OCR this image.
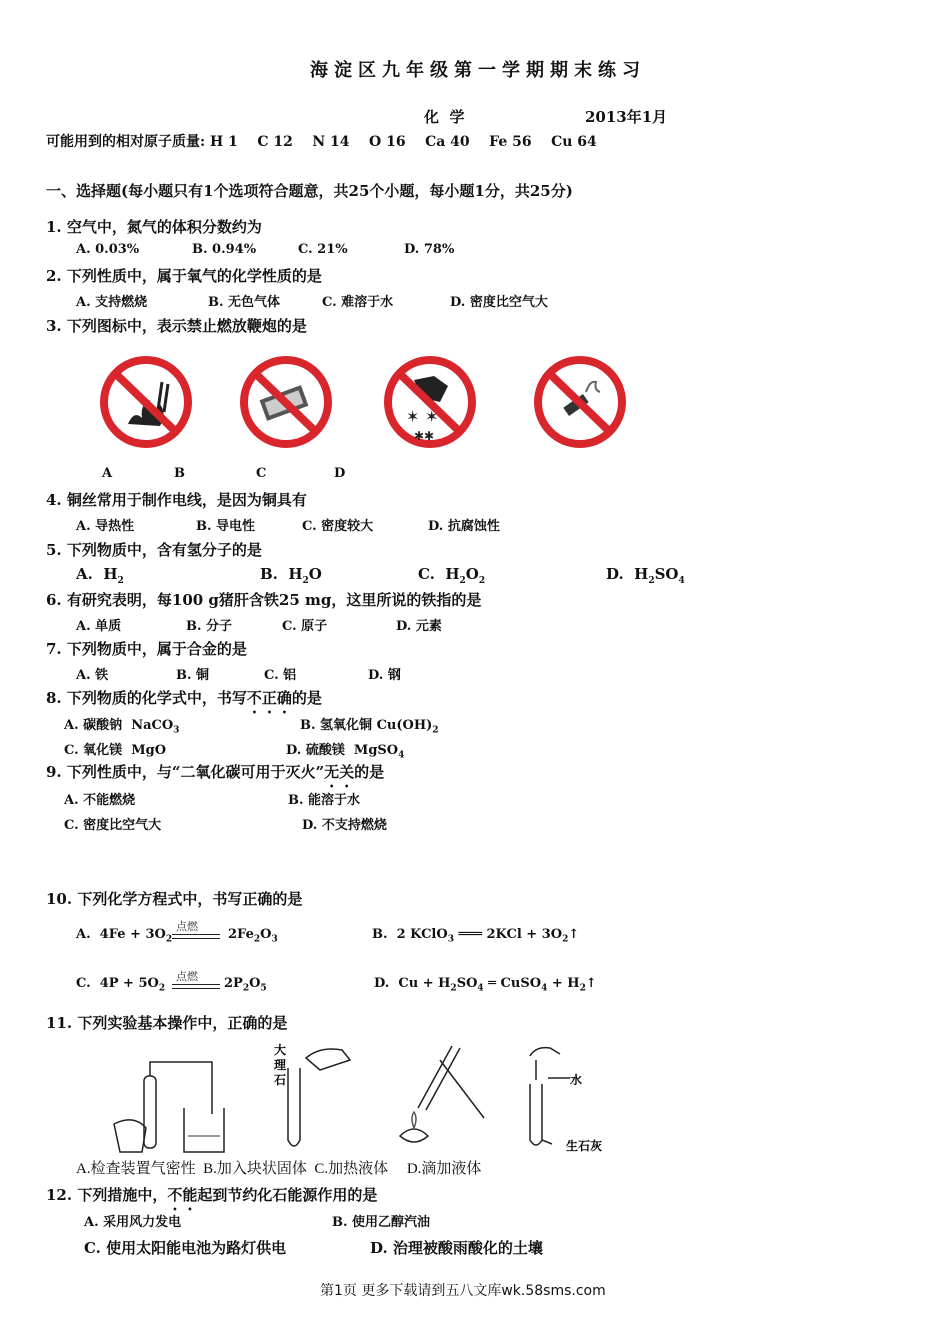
海淀区九年级第一学期期末练习
化  学	2013年1月
可能用到的相对原子质量: H 1    C 12    N 14    O 16    Ca 40    Fe 56    Cu 64
一、选择题(每小题只有1个选项符合题意，共25个小题，每小题1分，共25分)
1. 空气中，氮气的体积分数约为
A. 0.03%	B. 0.94%	C. 21%	D. 78%
2. 下列性质中，属于氧气的化学性质的是
A. 支持燃烧	B. 无色气体	C. 难溶于水	D. 密度比空气大
3. 下列图标中，表示禁止燃放鞭炮的是
✶ ✶
✱✱
A	B	C	D
4. 铜丝常用于制作电线，是因为铜具有
A. 导热性	B. 导电性	C. 密度较大	D. 抗腐蚀性
5. 下列物质中，含有氢分子的是
A.  $H_2$	B.  $H_2O$	C.  $H_2O_2$	D.  $H_2SO_4$
6. 有研究表明，每100 g猪肝含铁25 mg，这里所说的铁指的是
A. 单质	B. 分子	C. 原子	D. 元素
7. 下列物质中，属于合金的是
A. 铁	B. 铜	C. 铝	D. 钢
8. 下列物质的化学式中，书写不正确的是
A. 碳酸钠  NaCO$_3$	B. 氢氧化铜 $Cu(OH)_2$
C. 氧化镁  MgO	D. 硫酸镁  MgSO$_4$
9. 下列性质中，与“二氧化碳可用于灭火”无关的是
A. 不能燃烧	B. 能溶于水
C. 密度比空气大	D. 不支持燃烧
10. 下列化学方程式中，书写正确的是
A.  $4Fe + 3O_2$
点燃
$2Fe_2O_3$	B.  2 KClO$_3$ ═══ $2KCl + 3O_2↑$
C.  $4P + 5O_2$
点燃 $2P_2O_5$	D.  $Cu + H_2SO_4$ ═ CuSO$_4$ + $H_2↑$
11. 下列实验基本操作中，正确的是
大
理
石	水
生石灰
A.检查装置气密性  B.加入块状固体  C.加热液体     D.滴加液体
12. 下列措施中，不能起到节约化石能源作用的是
A. 采用风力发电	B. 使用乙醇汽油
C. 使用太阳能电池为路灯供电	D. 治理被酸雨酸化的土壤
第1页 更多下载请到五八文库wk.58sms.com
